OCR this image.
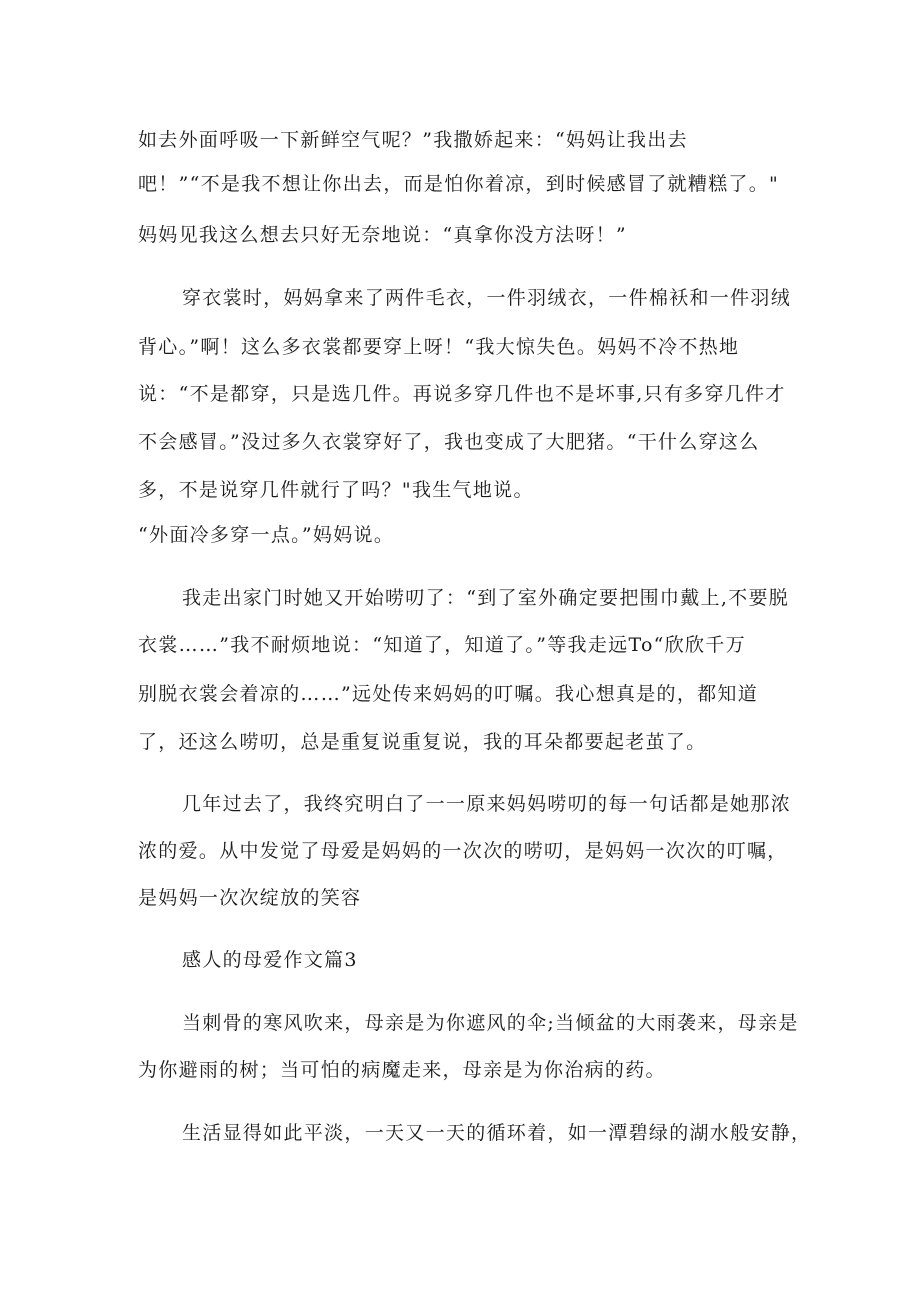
如去外面呼吸一下新鲜空气呢？”我撒娇起来：“妈妈让我出去
吧！”“不是我不想让你出去，而是怕你着凉，到时候感冒了就糟糕了。"
妈妈见我这么想去只好无奈地说：“真拿你没方法呀！”
穿衣裳时，妈妈拿来了两件毛衣，一件羽绒衣，一件棉袄和一件羽绒
背心。”啊！这么多衣裳都要穿上呀！“我大惊失色。妈妈不冷不热地
说：“不是都穿，只是选几件。再说多穿几件也不是坏事,只有多穿几件才
不会感冒。”没过多久衣裳穿好了，我也变成了大肥猪。“干什么穿这么
多，不是说穿几件就行了吗？"我生气地说。
“外面冷多穿一点。”妈妈说。
我走出家门时她又开始唠叨了：“到了室外确定要把围巾戴上,不要脱
衣裳……”我不耐烦地说：“知道了，知道了。”等我走远To“欣欣千万
别脱衣裳会着凉的……”远处传来妈妈的叮嘱。我心想真是的，都知道
了，还这么唠叨，总是重复说重复说，我的耳朵都要起老茧了。
几年过去了，我终究明白了一一原来妈妈唠叨的每一句话都是她那浓
浓的爱。从中发觉了母爱是妈妈的一次次的唠叨，是妈妈一次次的叮嘱，
是妈妈一次次绽放的笑容
感人的母爱作文篇3
当刺骨的寒风吹来，母亲是为你遮风的伞;当倾盆的大雨袭来，母亲是
为你避雨的树；当可怕的病魔走来，母亲是为你治病的药。
生活显得如此平淡，一天又一天的循环着，如一潭碧绿的湖水般安静，
